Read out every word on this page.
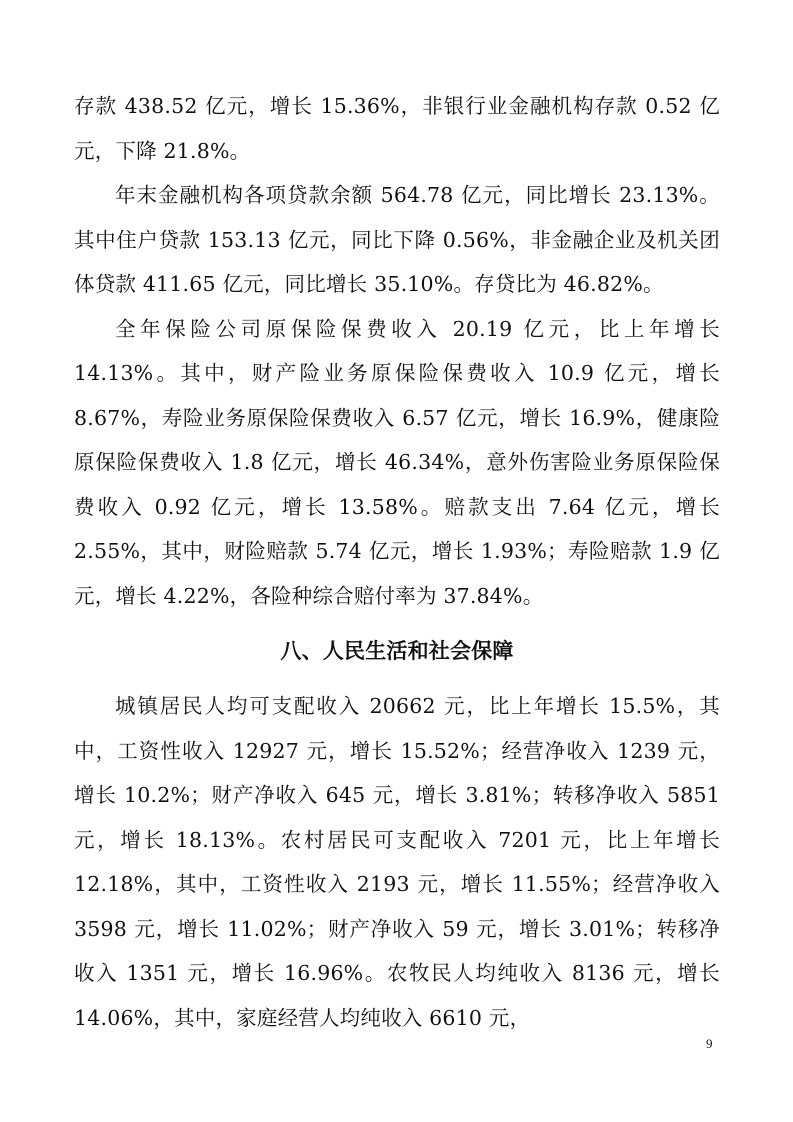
存款 438.52 亿元，增长 15.36%，非银行业金融机构存款 0.52 亿元，下降 21.8%。

年末金融机构各项贷款余额 564.78 亿元，同比增长 23.13%。其中住户贷款 153.13 亿元，同比下降 0.56%，非金融企业及机关团体贷款 411.65 亿元，同比增长 35.10%。存贷比为 46.82%。

全年保险公司原保险保费收入 20.19 亿元，比上年增长 14.13%。其中，财产险业务原保险保费收入 10.9 亿元，增长 8.67%，寿险业务原保险保费收入 6.57 亿元，增长 16.9%，健康险原保险保费收入 1.8 亿元，增长 46.34%，意外伤害险业务原保险保费收入 0.92 亿元，增长 13.58%。赔款支出 7.64 亿元，增长 2.55%，其中，财险赔款 5.74 亿元，增长 1.93%；寿险赔款 1.9 亿元，增长 4.22%，各险种综合赔付率为 37.84%。

八、人民生活和社会保障

城镇居民人均可支配收入 20662 元，比上年增长 15.5%，其中，工资性收入 12927 元，增长 15.52%；经营净收入 1239 元，增长 10.2%；财产净收入 645 元，增长 3.81%；转移净收入 5851 元，增长 18.13%。农村居民可支配收入 7201 元，比上年增长 12.18%，其中，工资性收入 2193 元，增长 11.55%；经营净收入 3598 元，增长 11.02%；财产净收入 59 元，增长 3.01%；转移净收入 1351 元，增长 16.96%。农牧民人均纯收入 8136 元，增长 14.06%，其中，家庭经营人均纯收入 6610 元，

9
